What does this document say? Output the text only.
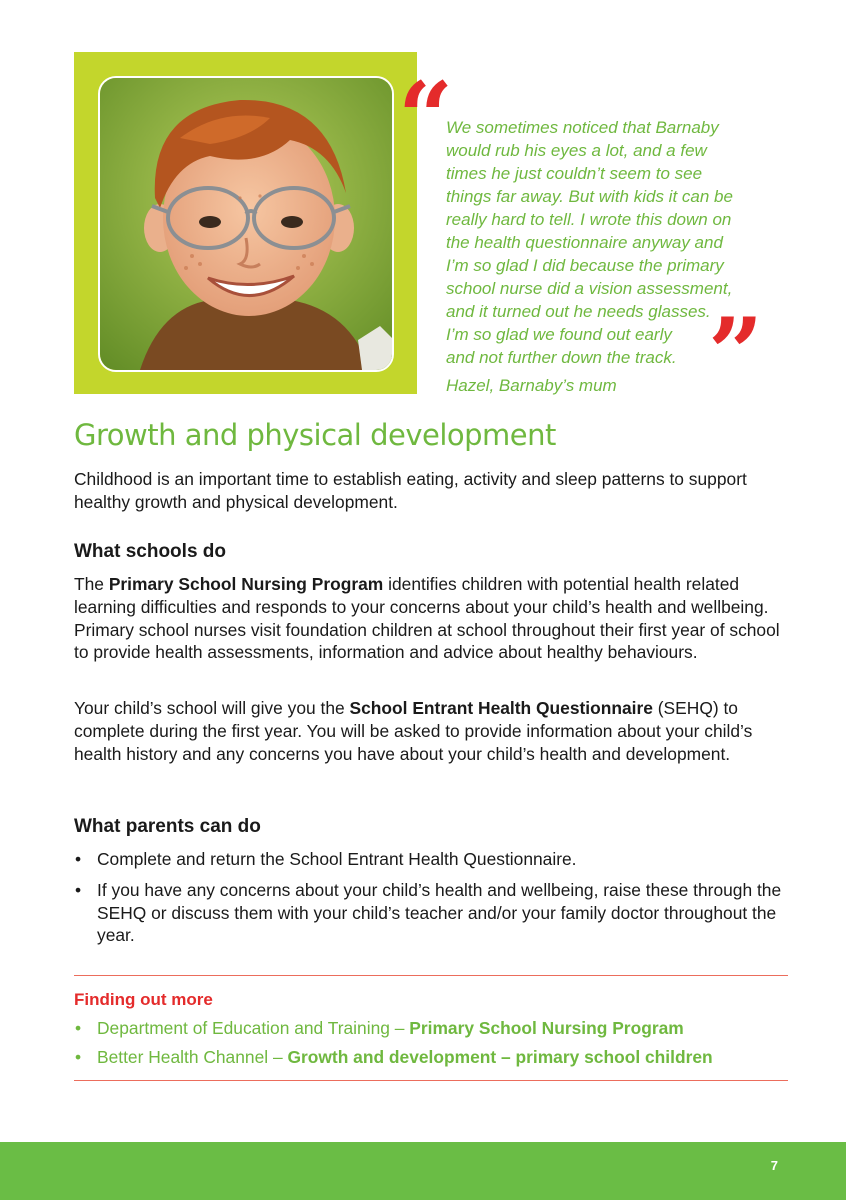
“
We sometimes noticed that Barnaby
would rub his eyes a lot, and a few
times he just couldn’t seem to see
things far away. But with kids it can be
really hard to tell. I wrote this down on
the health questionnaire anyway and
I’m so glad I did because the primary
school nurse did a vision assessment,
and it turned out he needs glasses.
I’m so glad we found out early
and not further down the track. ”
Hazel, Barnaby’s mum
Growth and physical development

Childhood is an important time to establish eating, activity and sleep patterns to support healthy growth and physical development.

What schools do

The Primary School Nursing Program identifies children with potential health related learning difficulties and responds to your concerns about your child’s health and wellbeing. Primary school nurses visit foundation children at school throughout their first year of school to provide health assessments, information and advice about healthy behaviours.

Your child’s school will give you the School Entrant Health Questionnaire (SEHQ) to complete during the first year. You will be asked to provide information about your child’s health history and any concerns you have about your child’s health and development.

What parents can do
• Complete and return the School Entrant Health Questionnaire.
• If you have any concerns about your child’s health and wellbeing, raise these through the SEHQ or discuss them with your child’s teacher and/or your family doctor throughout the year.
Finding out more
• Department of Education and Training – Primary School Nursing Program
• Better Health Channel – Growth and development – primary school children
7
